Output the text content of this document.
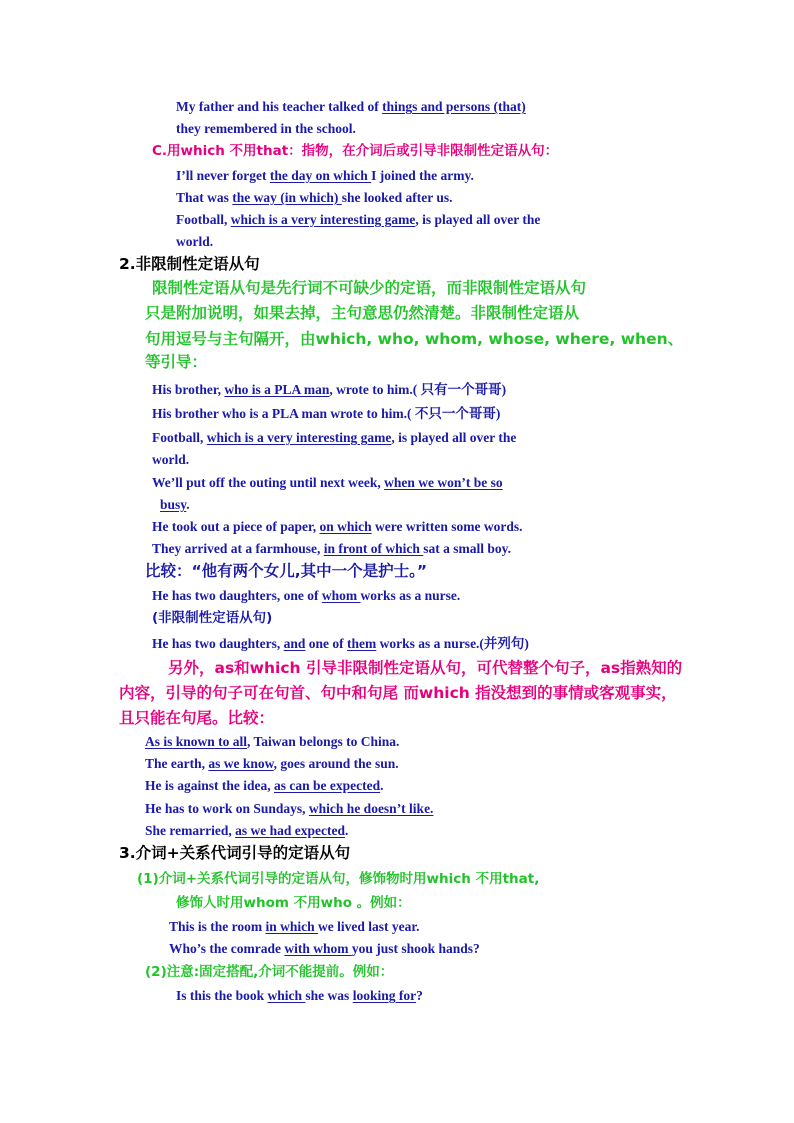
My father and his teacher talked of things and persons (that)
they remembered in the school.
C.用which 不用that：指物，在介词后或引导非限制性定语从句：
I’ll never forget the day on which I joined the army.
That was the way (in which) she looked after us.
Football, which is a very interesting game, is played all over the
world.
2.非限制性定语从句
限制性定语从句是先行词不可缺少的定语，而非限制性定语从句
只是附加说明，如果去掉，主句意思仍然清楚。非限制性定语从
句用逗号与主句隔开，由which, who, whom, whose, where, when、
等引导：
His brother, who is a PLA man, wrote to him.( 只有一个哥哥)
His brother who is a PLA man wrote to him.( 不只一个哥哥)
Football, which is a very interesting game, is played all over the
world.
We’ll put off the outing until next week, when we won’t be so
busy.
He took out a piece of paper, on which were written some words.
They arrived at a farmhouse, in front of which sat a small boy.
比较：“他有两个女儿,其中一个是护士。”
He has two daughters, one of whom works as a nurse.
(非限制性定语从句)
He has two daughters, and one of them works as a nurse.(并列句)
另外，as和which 引导非限制性定语从句，可代替整个句子，as指熟知的
内容，引导的句子可在句首、句中和句尾 而which 指没想到的事情或客观事实，
且只能在句尾。比较：
As is known to all, Taiwan belongs to China.
The earth, as we know, goes around the sun.
He is against the idea, as can be expected.
He has to work on Sundays, which he doesn’t like.
She remarried, as we had expected.
3.介词+关系代词引导的定语从句
(1)介词+关系代词引导的定语从句，修饰物时用which 不用that,
修饰人时用whom 不用who 。例如：
This is the room in which we lived last year.
Who’s the comrade with whom you just shook hands?
(2)注意:固定搭配,介词不能提前。例如：
Is this the book which she was looking for?
